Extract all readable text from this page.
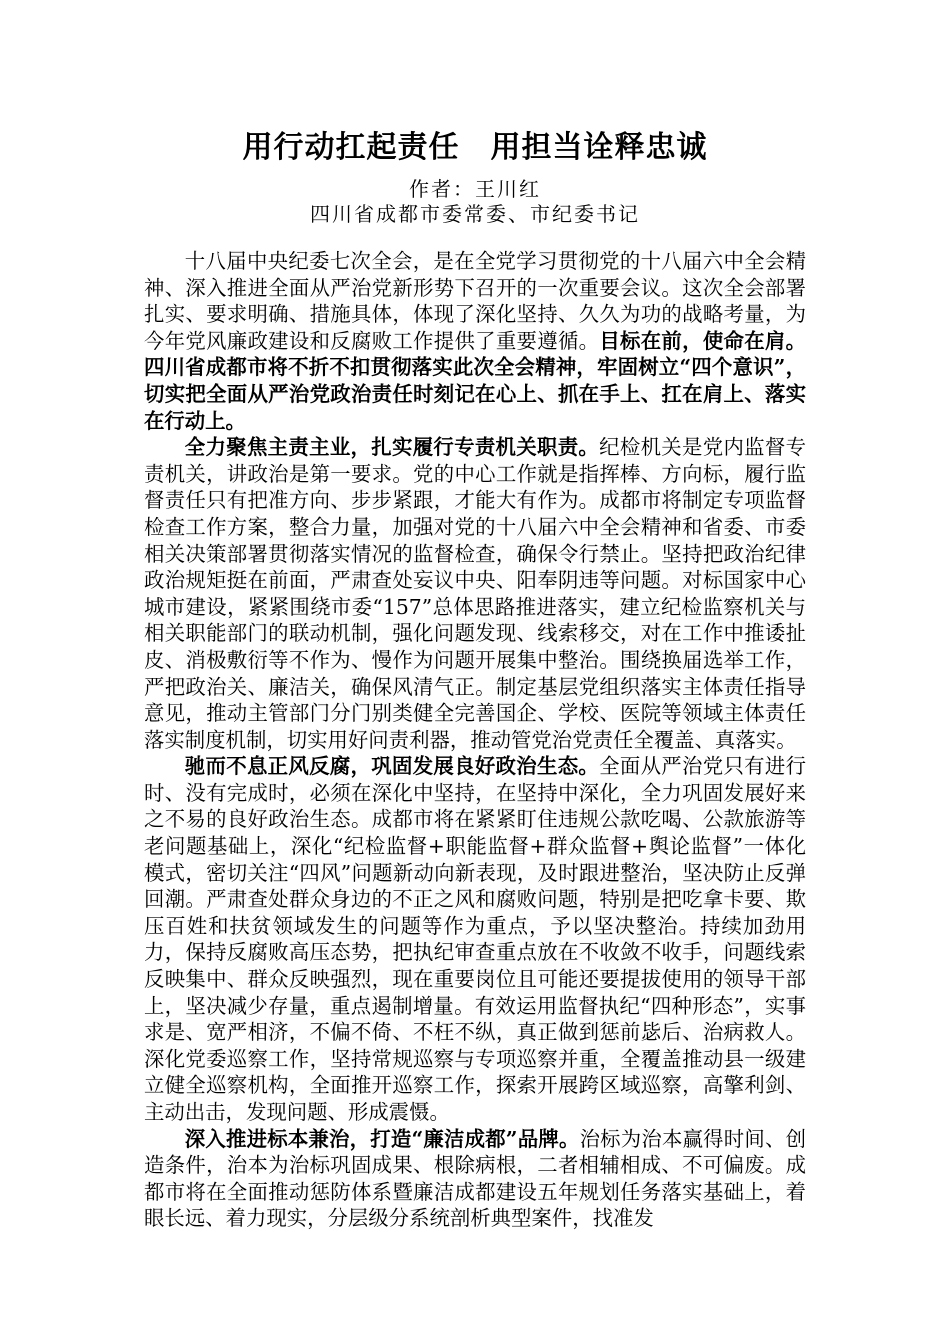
用行动扛起责任　用担当诠释忠诚
作者：王川红
四川省成都市委常委、市纪委书记

十八届中央纪委七次全会，是在全党学习贯彻党的十八届六中全会精神、深入推进全面从严治党新形势下召开的一次重要会议。这次全会部署扎实、要求明确、措施具体，体现了深化坚持、久久为功的战略考量，为今年党风廉政建设和反腐败工作提供了重要遵循。目标在前，使命在肩。四川省成都市将不折不扣贯彻落实此次全会精神，牢固树立“四个意识”，切实把全面从严治党政治责任时刻记在心上、抓在手上、扛在肩上、落实在行动上。

全力聚焦主责主业，扎实履行专责机关职责。纪检机关是党内监督专责机关，讲政治是第一要求。党的中心工作就是指挥棒、方向标，履行监督责任只有把准方向、步步紧跟，才能大有作为。成都市将制定专项监督检查工作方案，整合力量，加强对党的十八届六中全会精神和省委、市委相关决策部署贯彻落实情况的监督检查，确保令行禁止。坚持把政治纪律政治规矩挺在前面，严肃查处妄议中央、阳奉阴违等问题。对标国家中心城市建设，紧紧围绕市委“157”总体思路推进落实，建立纪检监察机关与相关职能部门的联动机制，强化问题发现、线索移交，对在工作中推诿扯皮、消极敷衍等不作为、慢作为问题开展集中整治。围绕换届选举工作，严把政治关、廉洁关，确保风清气正。制定基层党组织落实主体责任指导意见，推动主管部门分门别类健全完善国企、学校、医院等领域主体责任落实制度机制，切实用好问责利器，推动管党治党责任全覆盖、真落实。

驰而不息正风反腐，巩固发展良好政治生态。全面从严治党只有进行时、没有完成时，必须在深化中坚持，在坚持中深化，全力巩固发展好来之不易的良好政治生态。成都市将在紧紧盯住违规公款吃喝、公款旅游等老问题基础上，深化“纪检监督+职能监督+群众监督+舆论监督”一体化模式，密切关注“四风”问题新动向新表现，及时跟进整治，坚决防止反弹回潮。严肃查处群众身边的不正之风和腐败问题，特别是把吃拿卡要、欺压百姓和扶贫领域发生的问题等作为重点，予以坚决整治。持续加劲用力，保持反腐败高压态势，把执纪审查重点放在不收敛不收手，问题线索反映集中、群众反映强烈，现在重要岗位且可能还要提拔使用的领导干部上，坚决减少存量，重点遏制增量。有效运用监督执纪“四种形态”，实事求是、宽严相济，不偏不倚、不枉不纵，真正做到惩前毖后、治病救人。深化党委巡察工作，坚持常规巡察与专项巡察并重，全覆盖推动县一级建立健全巡察机构，全面推开巡察工作，探索开展跨区域巡察，高擎利剑、主动出击，发现问题、形成震慑。

深入推进标本兼治，打造“廉洁成都”品牌。治标为治本赢得时间、创造条件，治本为治标巩固成果、根除病根，二者相辅相成、不可偏废。成都市将在全面推动惩防体系暨廉洁成都建设五年规划任务落实基础上，着眼长远、着力现实，分层级分系统剖析典型案件，找准发
